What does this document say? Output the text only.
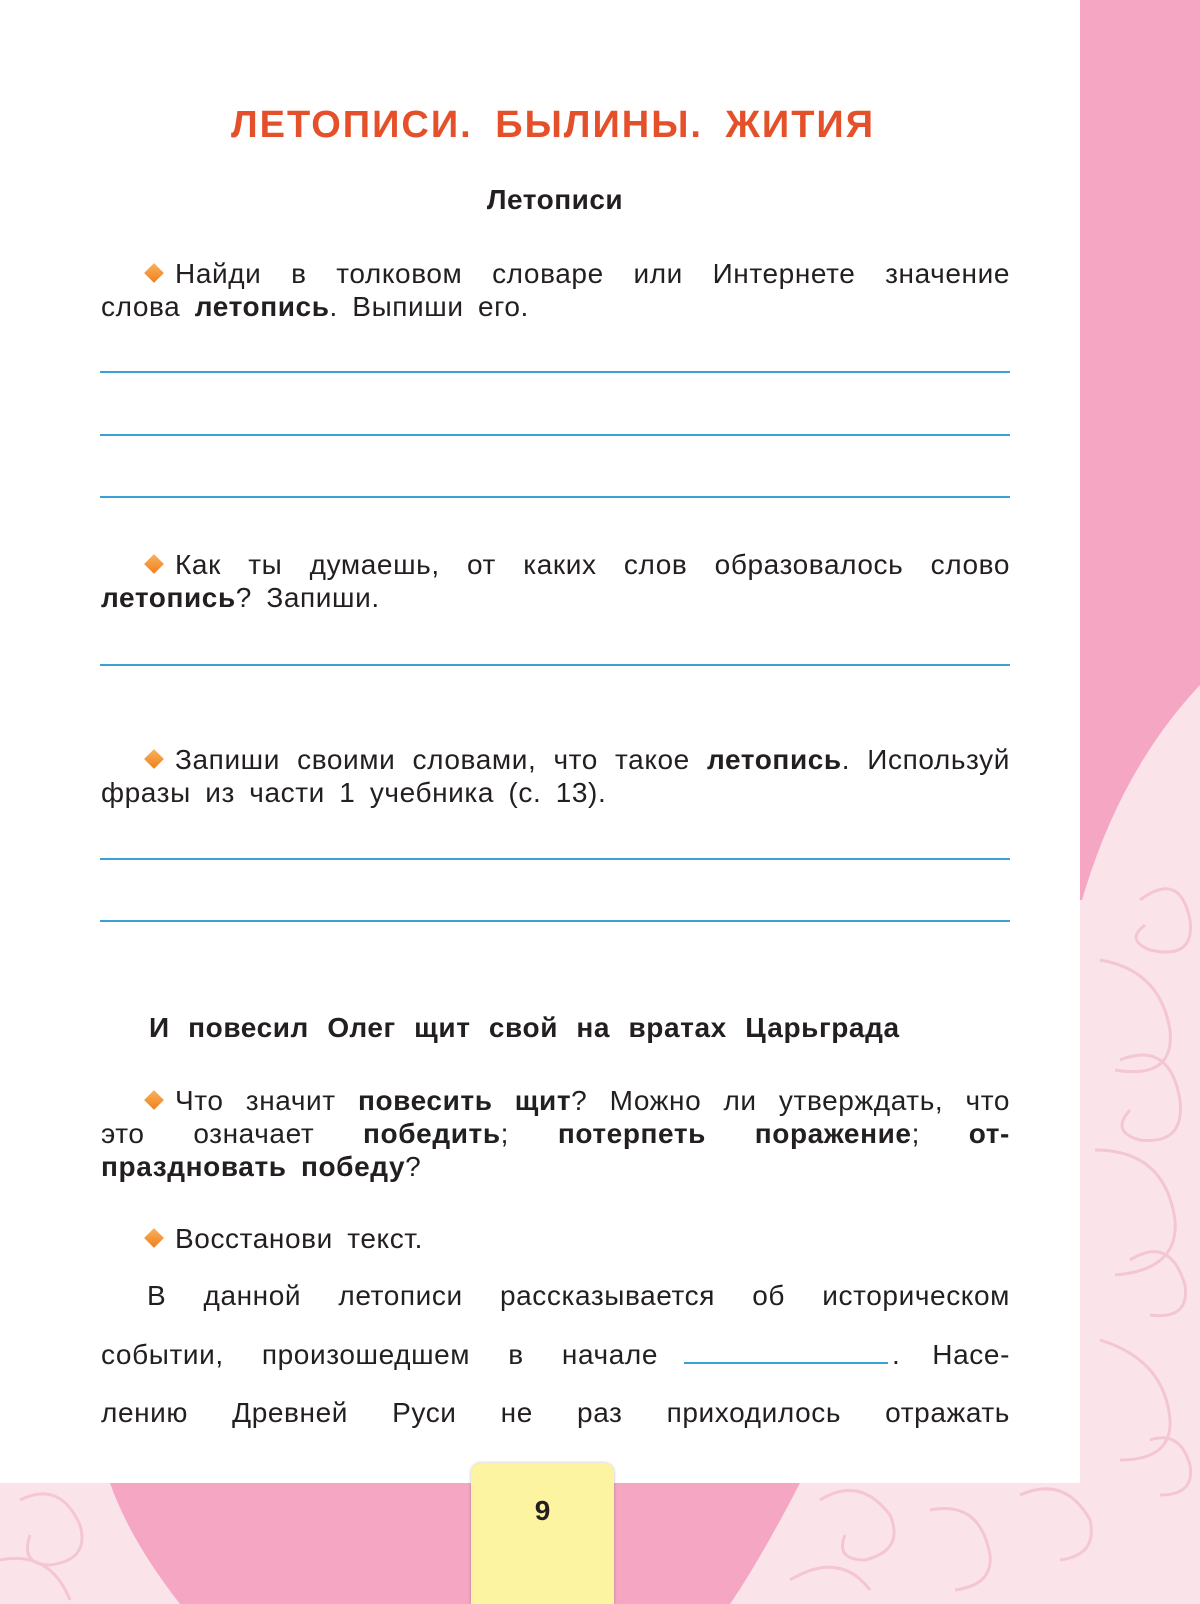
ЛЕТОПИСИ. БЫЛИНЫ. ЖИТИЯ
Летописи
Найди в толковом словаре или Интернете значение слова летопись. Выпиши его.
Как ты думаешь, от каких слов образовалось слово летопись? Запиши.
Запиши своими словами, что такое летопись. Используй фразы из части 1 учебника (с. 13).
И повесил Олег щит свой на вратах Царьграда
Что значит повесить щит? Можно ли утверждать, что это означает победить; потерпеть поражение; от-праздновать победу?
Восстанови текст.
В данной летописи рассказывается об историческом
событии, произошедшем в начале	. Насе-
лению Древней Руси не раз приходилось отражать
9
